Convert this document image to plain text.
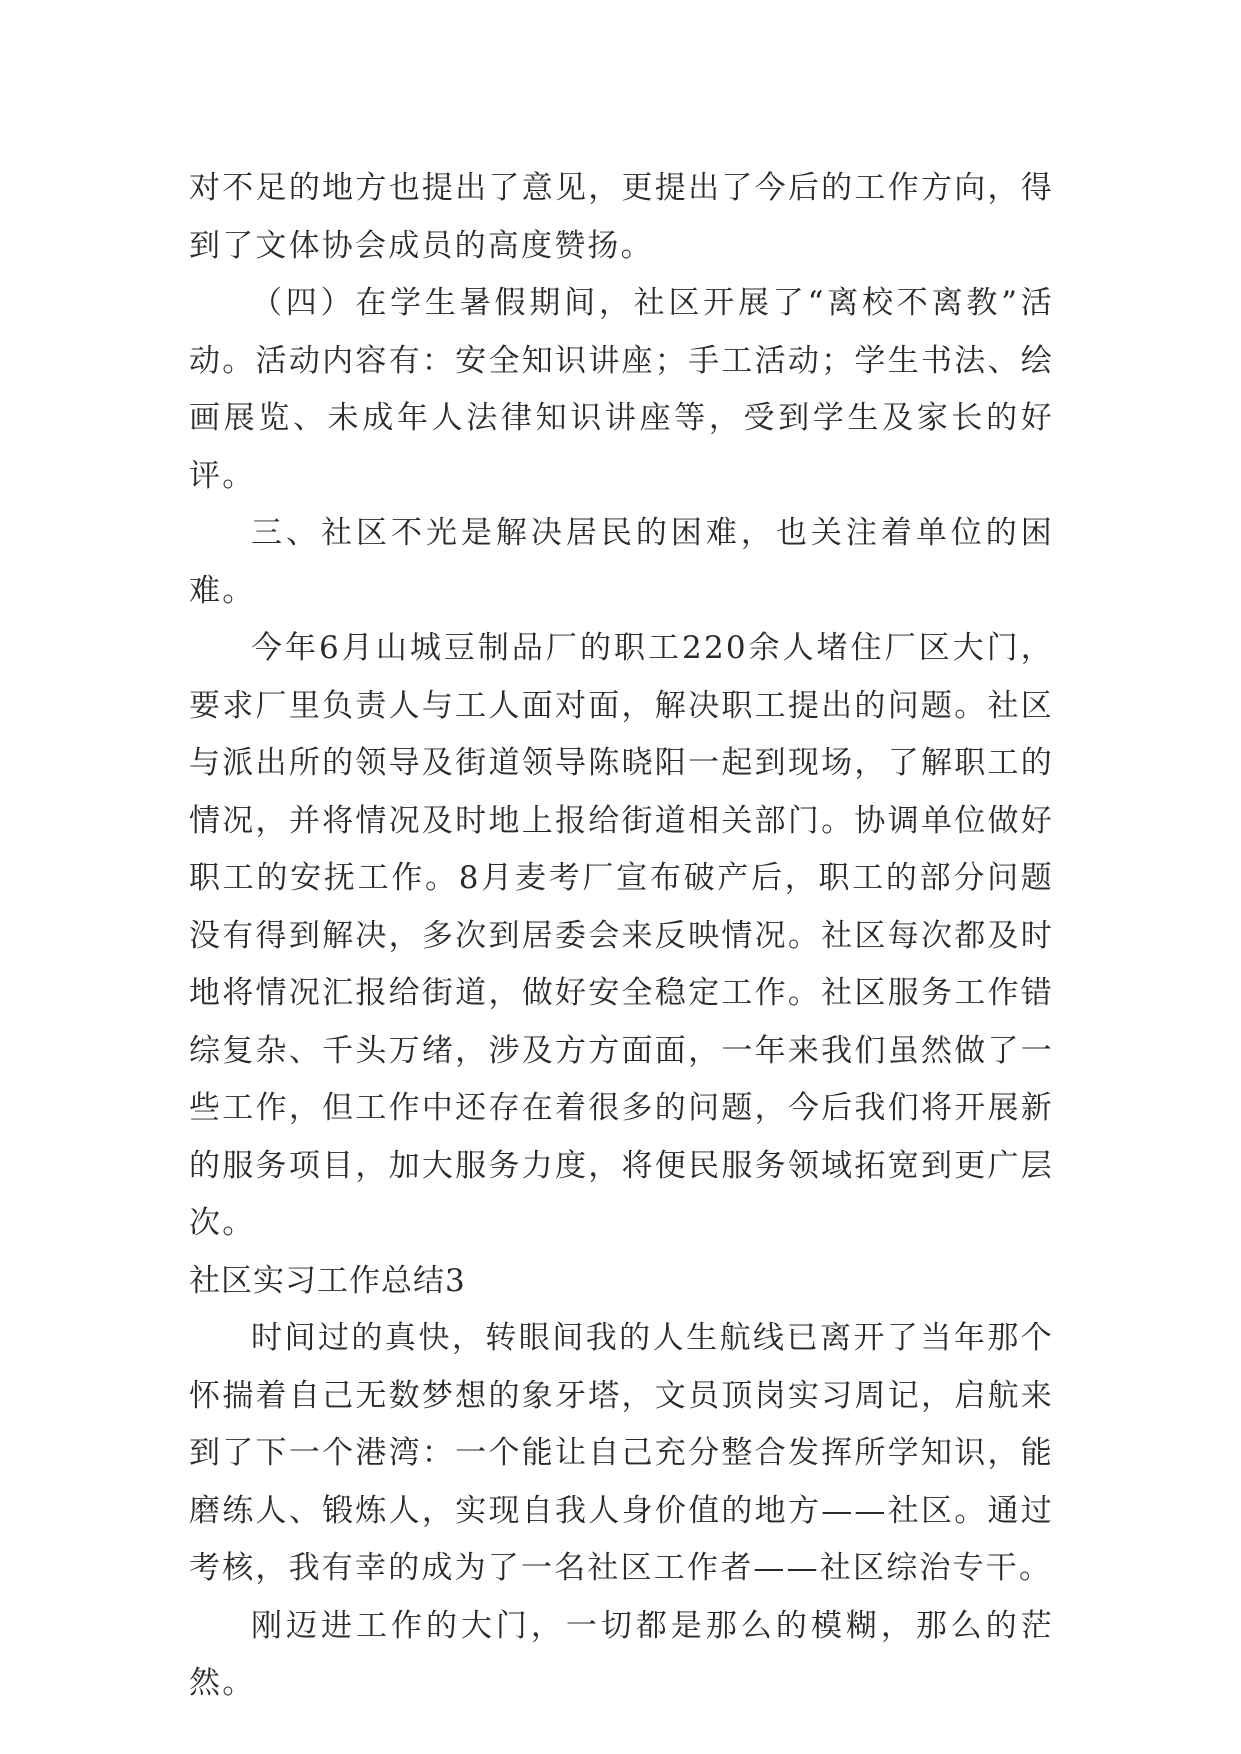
对不足的地方也提出了意见，更提出了今后的工作方向，得到了文体协会成员的高度赞扬。

（四）在学生暑假期间，社区开展了“离校不离教”活动。活动内容有：安全知识讲座；手工活动；学生书法、绘画展览、未成年人法律知识讲座等，受到学生及家长的好评。

三、社区不光是解决居民的困难，也关注着单位的困难。

今年6月山城豆制品厂的职工220余人堵住厂区大门，要求厂里负责人与工人面对面，解决职工提出的问题。社区与派出所的领导及街道领导陈晓阳一起到现场，了解职工的情况，并将情况及时地上报给街道相关部门。协调单位做好职工的安抚工作。8月麦考厂宣布破产后，职工的部分问题没有得到解决，多次到居委会来反映情况。社区每次都及时地将情况汇报给街道，做好安全稳定工作。社区服务工作错综复杂、千头万绪，涉及方方面面，一年来我们虽然做了一些工作，但工作中还存在着很多的问题，今后我们将开展新的服务项目，加大服务力度，将便民服务领域拓宽到更广层次。

社区实习工作总结3

时间过的真快，转眼间我的人生航线已离开了当年那个怀揣着自己无数梦想的象牙塔，文员顶岗实习周记，启航来到了下一个港湾：一个能让自己充分整合发挥所学知识，能磨练人、锻炼人，实现自我人身价值的地方——社区。通过考核，我有幸的成为了一名社区工作者——社区综治专干。

刚迈进工作的大门，一切都是那么的模糊，那么的茫然。
